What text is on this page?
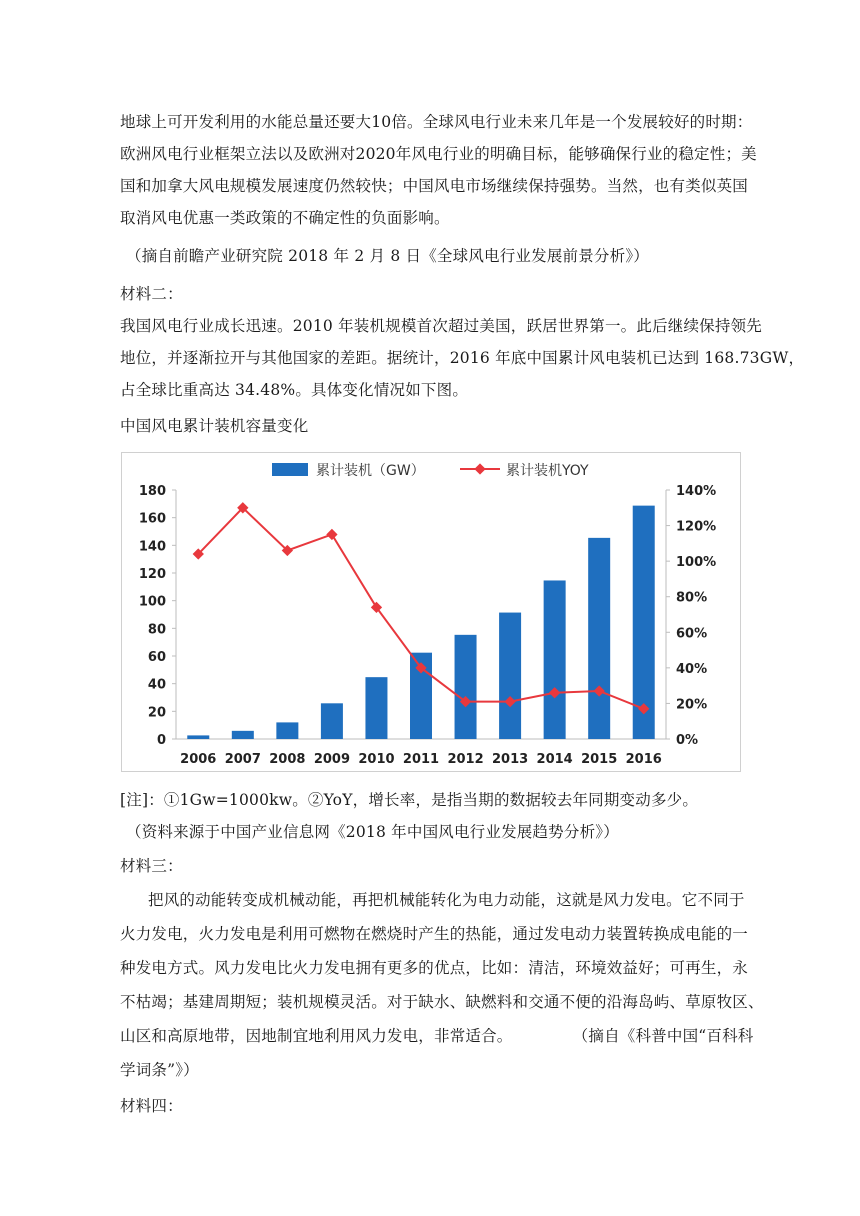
地球上可开发利用的水能总量还要大10倍。全球风电行业未来几年是一个发展较好的时期：
欧洲风电行业框架立法以及欧洲对2020年风电行业的明确目标，能够确保行业的稳定性；美
国和加拿大风电规模发展速度仍然较快；中国风电市场继续保持强势。当然，也有类似英国
取消风电优惠一类政策的不确定性的负面影响。
（摘自前瞻产业研究院 2018 年 2 月 8 日《全球风电行业发展前景分析》）
材料二：
我国风电行业成长迅速。2010 年装机规模首次超过美国，跃居世界第一。此后继续保持领先
地位，并逐渐拉开与其他国家的差距。据统计，2016 年底中国累计风电装机已达到 168.73GW，
占全球比重高达 34.48%。具体变化情况如下图。
中国风电累计装机容量变化
0
20
40
60
80
100
120
140
160
180
0%
20%
40%
60%
80%
100%
120%
140%
2006 2007 2008 2009 2010 2011 2012 2013 2014 2015 2016
累计装机（GW）	累计装机YOY
[注]：①1Gw=1000kw。②YoY，增长率，是指当期的数据较去年同期变动多少。
（资料来源于中国产业信息网《2018 年中国风电行业发展趋势分析》）
材料三：
把风的动能转变成机械动能，再把机械能转化为电力动能，这就是风力发电。它不同于
火力发电，火力发电是利用可燃物在燃烧时产生的热能，通过发电动力装置转换成电能的一
种发电方式。风力发电比火力发电拥有更多的优点，比如：清洁，环境效益好；可再生，永
不枯竭；基建周期短；装机规模灵活。对于缺水、缺燃料和交通不便的沿海岛屿、草原牧区、
山区和高原地带，因地制宜地利用风力发电，非常适合。　　　　 （摘自《科普中国“百科科
学词条”》）
材料四：
